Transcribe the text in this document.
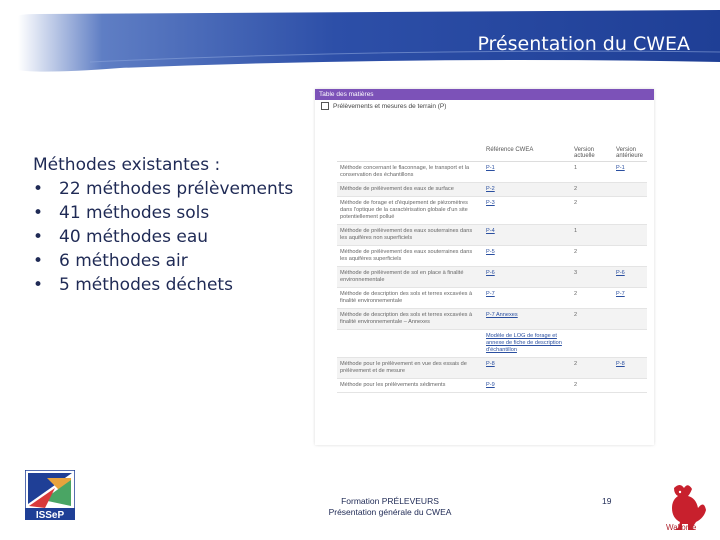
Présentation du CWEA

Méthodes existantes :

• 22 méthodes prélèvements
• 41 méthodes sols
• 40 méthodes eau
• 6 méthodes air
• 5 méthodes déchets
Table des matières
Prélèvements et mesures de terrain (P)
	Référence CWEA	Version actuelle	Version antérieure
Méthode concernant le flaconnage, le transport et la conservation des échantillons	P-1	1	P-1
Méthode de prélèvement des eaux de surface	P-2	2	
Méthode de forage et d'équipement de piézomètres dans l'optique de la caractérisation globale d'un site potentiellement pollué	P-3	2	
Méthode de prélèvement des eaux souterraines dans les aquifères non superficiels	P-4	1	
Méthode de prélèvement des eaux souterraines dans les aquifères superficiels	P-5	2	
Méthode de prélèvement de sol en place à finalité environnementale	P-6	3	P-6
Méthode de description des sols et terres excavées à finalité environnementale	P-7	2	P-7
Méthode de description des sols et terres excavées à finalité environnementale – Annexes	P-7 Annexes	2	
	Modèle de LOG de forage et annexe de fiche de description d'échantillon		
Méthode pour le prélèvement en vue des essais de prélèvement et de mesure	P-8	2	P-8
Méthode pour les prélèvements sédiments	P-9	2	
ISSeP
Formation PRÉLEVEURS
Présentation générale du CWEA
19
Wallonie
